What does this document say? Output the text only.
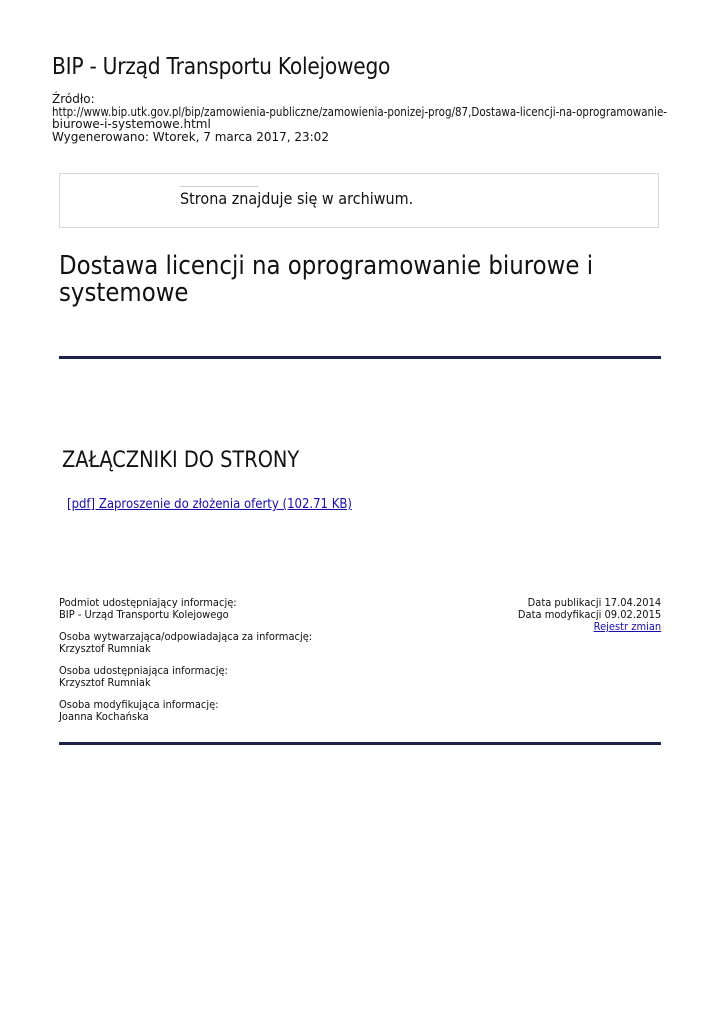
BIP - Urząd Transportu Kolejowego
Źródło:
http://www.bip.utk.gov.pl/bip/zamowienia-publiczne/zamowienia-ponizej-prog/87,Dostawa-licencji-na-oprogramowanie-
biurowe-i-systemowe.html
Wygenerowano: Wtorek, 7 marca 2017, 23:02
Strona znajduje się w archiwum.
Dostawa licencji na oprogramowanie biurowe i systemowe
ZAŁĄCZNIKI DO STRONY
[pdf] Zaproszenie do złożenia oferty (102.71 KB)
Podmiot udostępniający informację:
BIP - Urząd Transportu Kolejowego
Osoba wytwarzająca/odpowiadająca za informację:
Krzysztof Rumniak
Osoba udostępniająca informację:
Krzysztof Rumniak
Osoba modyfikująca informację:
Joanna Kochańska
Data publikacji 17.04.2014
Data modyfikacji 09.02.2015
Rejestr zmian
